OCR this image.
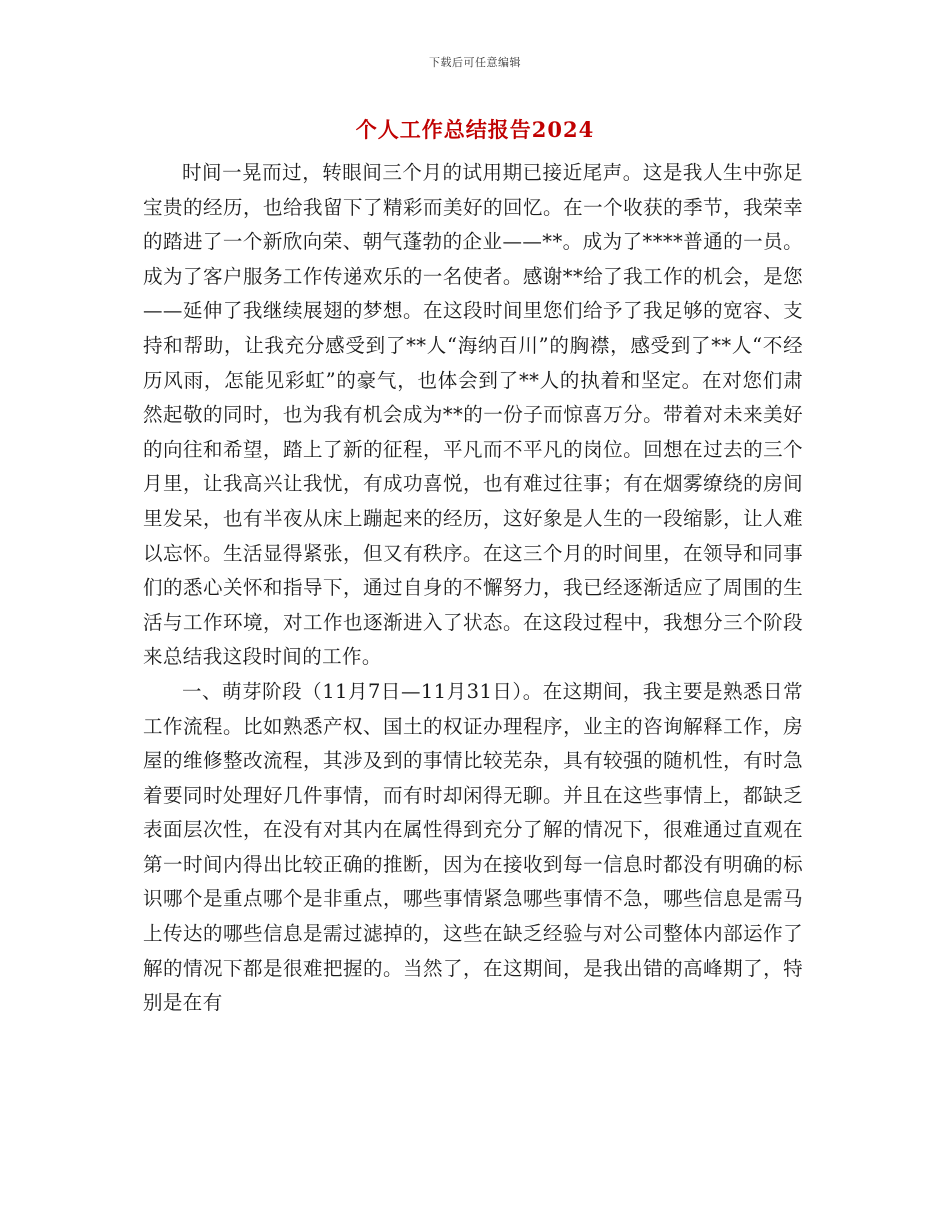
下载后可任意编辑
个人工作总结报告2024

时间一晃而过，转眼间三个月的试用期已接近尾声。这是我人生中弥足宝贵的经历，也给我留下了精彩而美好的回忆。在一个收获的季节，我荣幸的踏进了一个新欣向荣、朝气蓬勃的企业——**。成为了****普通的一员。成为了客户服务工作传递欢乐的一名使者。感谢**给了我工作的机会，是您——延伸了我继续展翅的梦想。在这段时间里您们给予了我足够的宽容、支持和帮助，让我充分感受到了**人“海纳百川”的胸襟，感受到了**人“不经历风雨，怎能见彩虹”的豪气，也体会到了**人的执着和坚定。在对您们肃然起敬的同时，也为我有机会成为**的一份子而惊喜万分。带着对未来美好的向往和希望，踏上了新的征程，平凡而不平凡的岗位。回想在过去的三个月里，让我高兴让我忧，有成功喜悦，也有难过往事；有在烟雾缭绕的房间里发呆，也有半夜从床上蹦起来的经历，这好象是人生的一段缩影，让人难以忘怀。生活显得紧张，但又有秩序。在这三个月的时间里，在领导和同事们的悉心关怀和指导下，通过自身的不懈努力，我已经逐渐适应了周围的生活与工作环境，对工作也逐渐进入了状态。在这段过程中，我想分三个阶段来总结我这段时间的工作。

一、萌芽阶段（11月7日—11月31日）。在这期间，我主要是熟悉日常工作流程。比如熟悉产权、国土的权证办理程序，业主的咨询解释工作，房屋的维修整改流程，其涉及到的事情比较芜杂，具有较强的随机性，有时急着要同时处理好几件事情，而有时却闲得无聊。并且在这些事情上，都缺乏表面层次性，在没有对其内在属性得到充分了解的情况下，很难通过直观在第一时间内得出比较正确的推断，因为在接收到每一信息时都没有明确的标识哪个是重点哪个是非重点，哪些事情紧急哪些事情不急，哪些信息是需马上传达的哪些信息是需过滤掉的，这些在缺乏经验与对公司整体内部运作了解的情况下都是很难把握的。当然了，在这期间，是我出错的高峰期了，特别是在有
